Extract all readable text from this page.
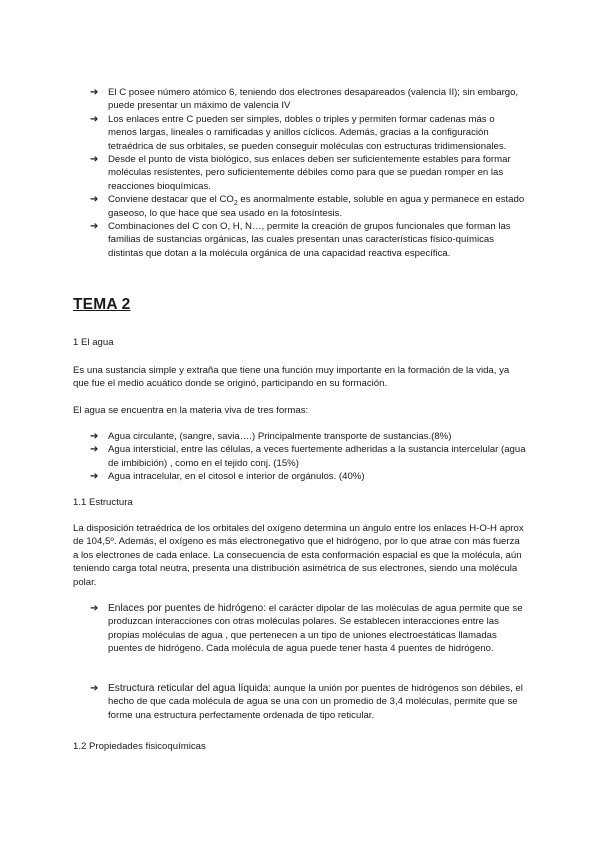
➔ El C posee número atómico 6, teniendo dos electrones desapareados (valencia II); sin embargo, puede presentar un máximo de valencia IV
➔ Los enlaces entre C pueden ser simples, dobles o triples y permiten formar cadenas más o menos largas, lineales o ramificadas y anillos cíclicos. Además, gracias a la configuración tetraédrica de sus orbitales, se pueden conseguir moléculas con estructuras tridimensionales.
➔ Desde el punto de vista biológico, sus enlaces deben ser suficientemente estables para formar moléculas resistentes, pero suficientemente débiles como para que se puedan romper en las reacciones bioquímicas.
➔ Conviene destacar que el $CO_2$ es anormalmente estable, soluble en agua y permanece en estado gaseoso, lo que hace que sea usado en la fotosíntesis.
➔ Combinaciones del C con O, H, N…, permite la creación de grupos funcionales que forman las familias de sustancias orgánicas, las cuales presentan unas características físico-químicas distintas que dotan a la molécula orgánica de una capacidad reactiva específica.
TEMA 2
1 El agua
Es una sustancia simple y extraña que tiene una función muy importante en la formación de la vida, ya que fue el medio acuático donde se originó, participando en su formación.
El agua se encuentra en la materia viva de tres formas:
➔ Agua circulante, (sangre, savia….) Principalmente transporte de sustancias.(8%)
➔ Agua intersticial, entre las células, a veces fuertemente adheridas a la sustancia intercelular (agua de imbibición) , como en el tejido conj. (15%)
➔ Agua intracelular, en el citosol e interior de orgánulos. (40%)
1.1 Estructura
La disposición tetraédrica de los orbitales del oxígeno determina un ángulo entre los enlaces H-O-H aprox de 104,5º. Además, el oxígeno es más electronegativo que el hidrógeno, por lo que atrae con más fuerza a los electrones de cada enlace. La consecuencia de esta conformación espacial es que la molécula, aún teniendo carga total neutra, presenta una distribución asimétrica de sus electrones, siendo una molécula polar.
➔ Enlaces por puentes de hidrógeno: el carácter dipolar de las moléculas de agua permite que se produzcan interacciones con otras moléculas polares. Se establecen interacciones entre las propias moléculas de agua , que pertenecen a un tipo de uniones electroestáticas llamadas puentes de hidrógeno. Cada molécula de agua puede tener hasta 4 puentes de hidrógeno.
➔ Estructura reticular del agua líquida: aunque la unión por puentes de hidrógenos son débiles, el hecho de que cada molécula de agua se una con un promedio de 3,4 moléculas, permite que se forme una estructura perfectamente ordenada de tipo reticular.
1.2 Propiedades fisicoquímicas
